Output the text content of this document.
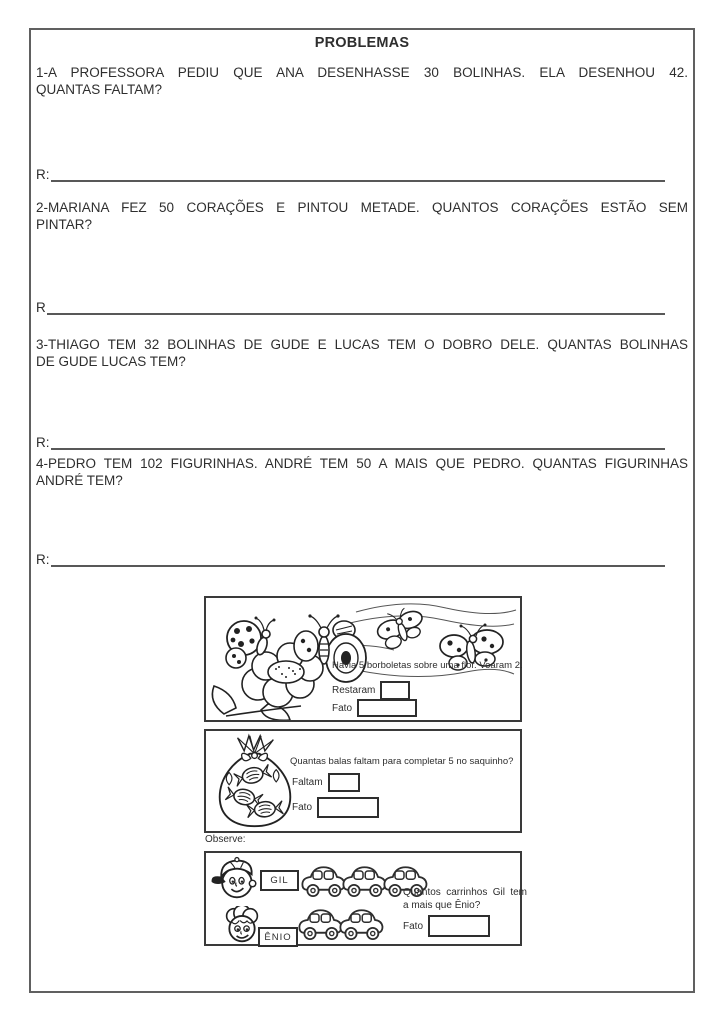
PROBLEMAS
1-A PROFESSORA PEDIU QUE ANA DESENHASSE 30 BOLINHAS. ELA DESENHOU 42.
QUANTAS FALTAM?
R:
2-MARIANA FEZ 50 CORAÇÕES E PINTOU METADE. QUANTOS CORAÇÕES ESTÃO SEM
PINTAR?
R
3-THIAGO TEM 32 BOLINHAS DE GUDE E LUCAS TEM O DOBRO DELE. QUANTAS BOLINHAS
DE GUDE LUCAS TEM?
R:
4-PEDRO TEM 102 FIGURINHAS. ANDRÉ TEM 50 A MAIS QUE PEDRO. QUANTAS FIGURINHAS
ANDRÉ TEM?
R:
Havia 5 borboletas sobre uma flor. Voaram 2.
Restaram
Fato
Quantas balas faltam para completar 5 no saquinho?
Faltam
Fato
Observe:
GIL
Quantos carrinhos Gil tem a mais que Ênio?
Fato
ÊNIO
